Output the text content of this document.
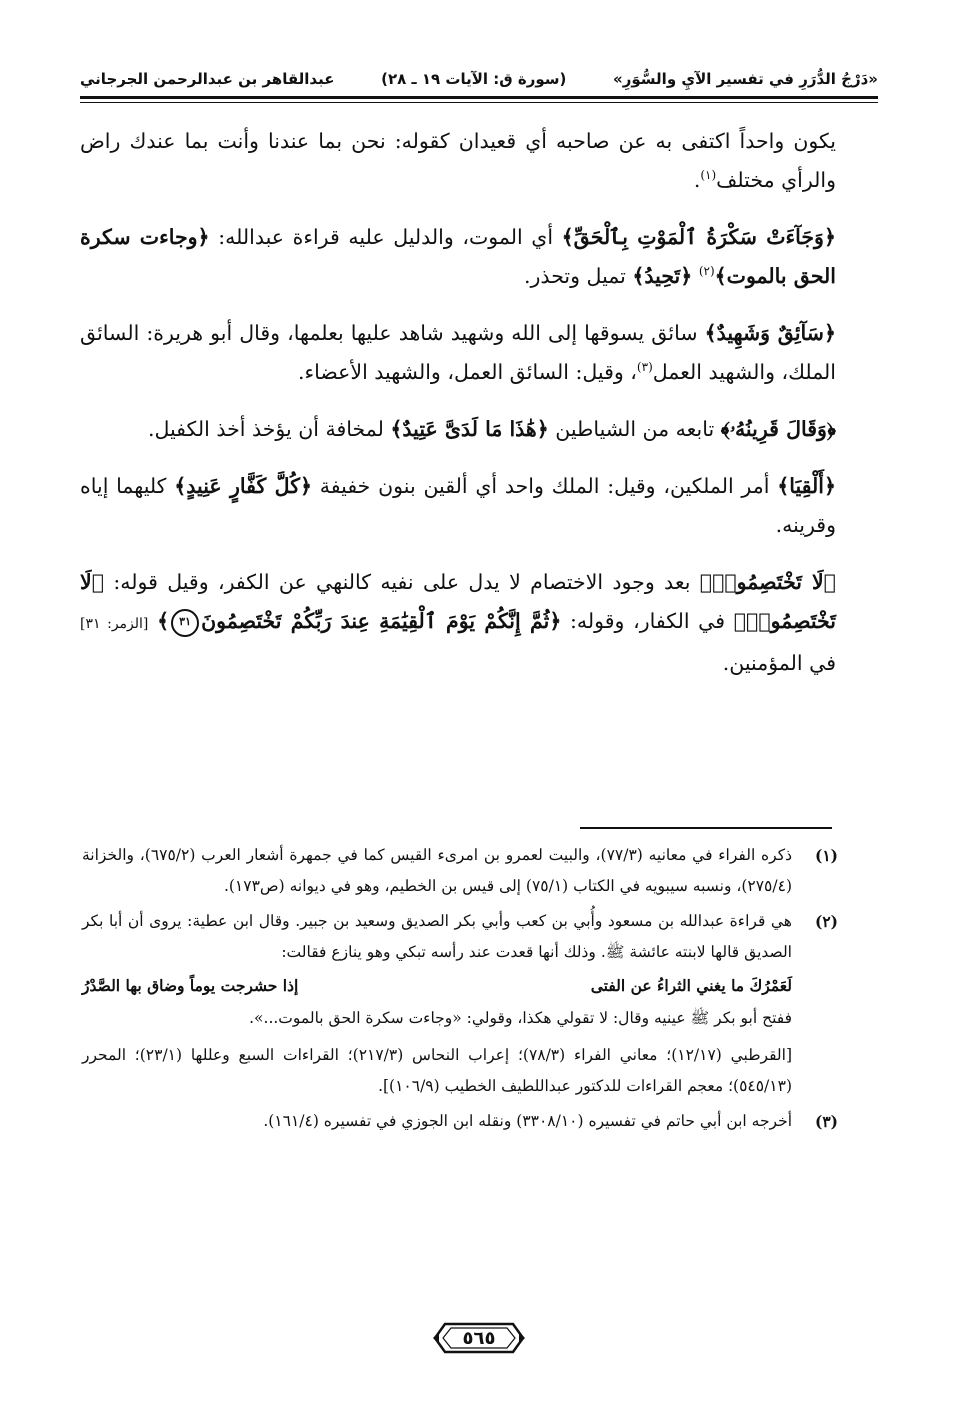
«دَرْجُ الدُّرَرِ في تفسير الآيِ والسُّوَرِ»
(سورة ق: الآيات ١٩ ـ ٢٨)
عبدالقاهر بن عبدالرحمن الجرجاني

يكون واحداً اكتفى به عن صاحبه أي قعيدان كقوله: نحن بما عندنا وأنت بما عندك راض والرأي مختلف$^{(١)}$.

﴿وَجَآءَتْ سَكْرَةُ ٱلْمَوْتِ بِٱلْحَقِّ﴾ أي الموت، والدليل عليه قراءة عبدالله: ﴿وجاءت سكرة الحق بالموت﴾$^{(٢)}$ ﴿تَحِيدُ﴾ تميل وتحذر.

﴿سَآئِقٌ وَشَهِيدٌ﴾ سائق يسوقها إلى الله وشهيد شاهد عليها بعلمها، وقال أبو هريرة: السائق الملك، والشهيد العمل$^{(٣)}$، وقيل: السائق العمل، والشهيد الأعضاء.

﴿وَقَالَ قَرِينُهُۥ﴾ تابعه من الشياطين ﴿هَٰذَا مَا لَدَىَّ عَتِيدٌ﴾ لمخافة أن يؤخذ أخذ الكفيل.

﴿أَلْقِيَا﴾ أمر الملكين، وقيل: الملك واحد أي ألقين بنون خفيفة ﴿كُلَّ كَفَّارٍ عَنِيدٍ﴾ كليهما إياه وقرينه.

﴿لَا تَخْتَصِمُوا۟﴾ بعد وجود الاختصام لا يدل على نفيه كالنهي عن الكفر، وقيل قوله: ﴿لَا تَخْتَصِمُوا۟﴾ في الكفار، وقوله: ﴿ثُمَّ إِنَّكُمْ يَوْمَ ٱلْقِيَٰمَةِ عِندَ رَبِّكُمْ تَخْتَصِمُونَ٣١﴾ [الزمر: ٣١] في المؤمنين.

(١)

ذكره الفراء في معانيه (٧٧/٣)، والبيت لعمرو بن امرىء القيس كما في جمهرة أشعار العرب (٦٧٥/٢)، والخزانة (٢٧٥/٤)، ونسبه سيبويه في الكتاب (٧٥/١) إلى قيس بن الخطيم، وهو في ديوانه (ص١٧٣).

(٢)

هي قراءة عبدالله بن مسعود وأُبي بن كعب وأبي بكر الصديق وسعيد بن جبير. وقال ابن عطية: يروى أن أبا بكر الصديق قالها لابنته عائشة ﷺ. وذلك أنها قعدت عند رأسه تبكي وهو ينازع فقالت:

لَعَمْرُكَ ما يغني الثراءُ عن الفتى
إذا حشرجت يوماً وضاق بها الصَّدْرُ

ففتح أبو بكر ﷺ عينيه وقال: لا تقولي هكذا، وقولي: «وجاءت سكرة الحق بالموت...».

[القرطبي (١٢/١٧)؛ معاني الفراء (٧٨/٣)؛ إعراب النحاس (٢١٧/٣)؛ القراءات السبع وعللها (٢٣/١)؛ المحرر (٥٤٥/١٣)؛ معجم القراءات للدكتور عبداللطيف الخطيب (١٠٦/٩)].

(٣)

أخرجه ابن أبي حاتم في تفسيره (٣٣٠٨/١٠) ونقله ابن الجوزي في تفسيره (١٦١/٤).

٥٦٥
